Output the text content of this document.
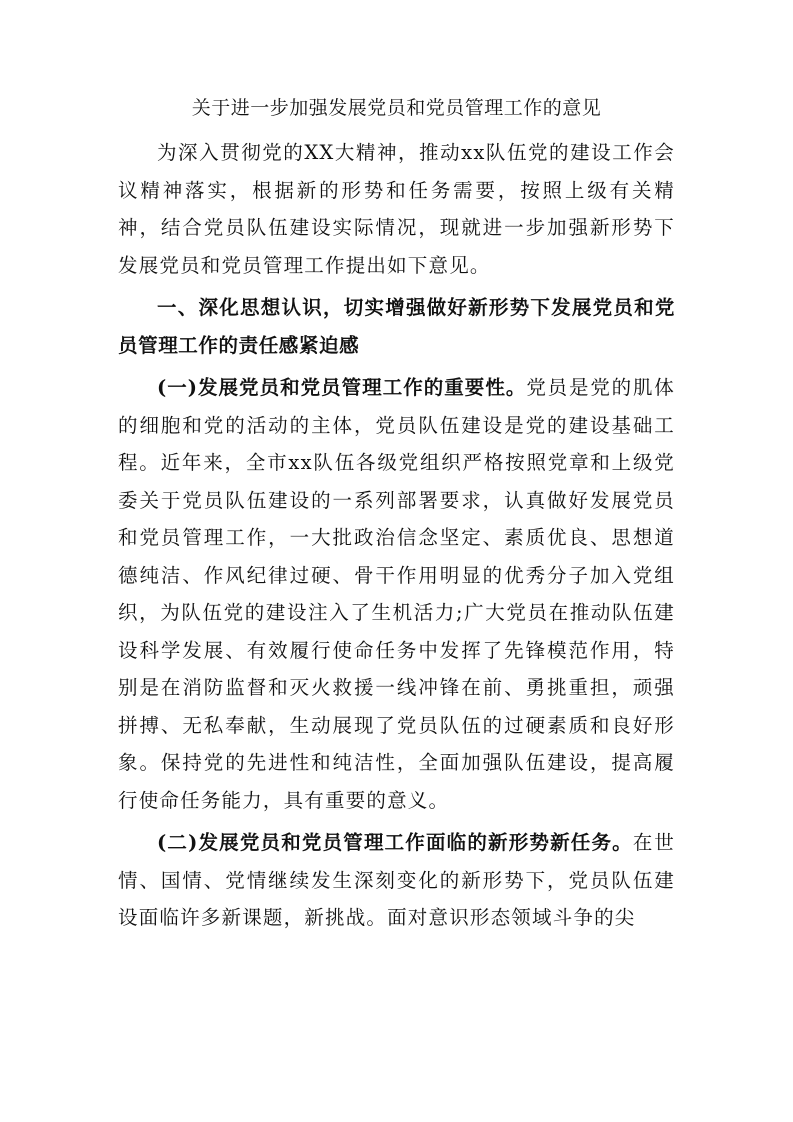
关于进一步加强发展党员和党员管理工作的意见

为深入贯彻党的XX大精神，推动xx队伍党的建设工作会议精神落实，根据新的形势和任务需要，按照上级有关精神，结合党员队伍建设实际情况，现就进一步加强新形势下发展党员和党员管理工作提出如下意见。

一、深化思想认识，切实增强做好新形势下发展党员和党员管理工作的责任感紧迫感

(一)发展党员和党员管理工作的重要性。党员是党的肌体的细胞和党的活动的主体，党员队伍建设是党的建设基础工程。近年来，全市xx队伍各级党组织严格按照党章和上级党委关于党员队伍建设的一系列部署要求，认真做好发展党员和党员管理工作，一大批政治信念坚定、素质优良、思想道德纯洁、作风纪律过硬、骨干作用明显的优秀分子加入党组织，为队伍党的建设注入了生机活力;广大党员在推动队伍建设科学发展、有效履行使命任务中发挥了先锋模范作用，特别是在消防监督和灭火救援一线冲锋在前、勇挑重担，顽强拼搏、无私奉献，生动展现了党员队伍的过硬素质和良好形象。保持党的先进性和纯洁性，全面加强队伍建设，提高履行使命任务能力，具有重要的意义。

(二)发展党员和党员管理工作面临的新形势新任务。在世情、国情、党情继续发生深刻变化的新形势下，党员队伍建设面临许多新课题，新挑战。面对意识形态领域斗争的尖
